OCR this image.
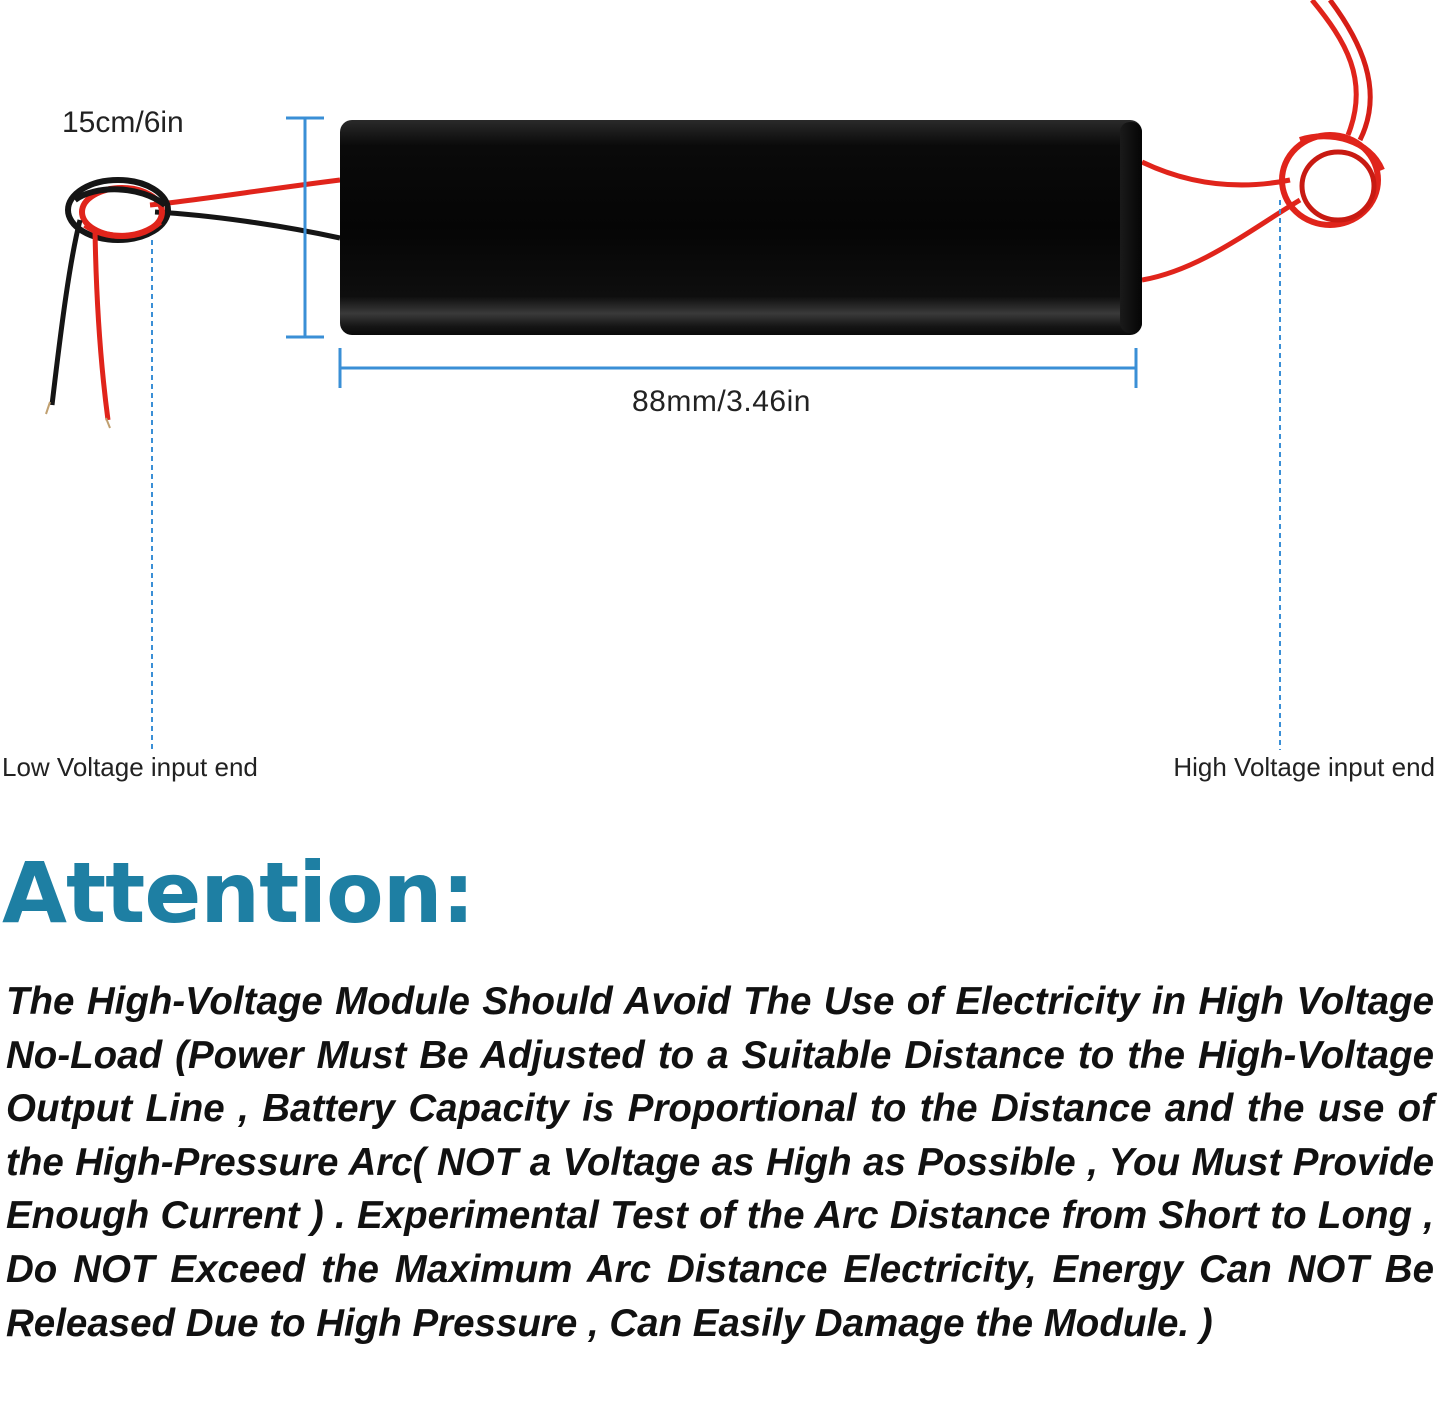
15cm/6in
88mm/3.46in
Low Voltage input end	High Voltage input end
Attention:

The High-Voltage Module Should Avoid The Use of Electricity in High Voltage No-Load (Power Must Be Adjusted to a Suitable Distance to the High-Voltage Output Line , Battery Capacity is Proportional to the Distance and the use of the High-Pressure Arc( NOT a Voltage as High as Possible , You Must Provide Enough Current ) . Experimental Test of the Arc Distance from Short to Long , Do NOT Exceed the Maximum Arc Distance Electricity, Energy Can NOT Be Released Due to High Pressure , Can Easily Damage the Module. )
